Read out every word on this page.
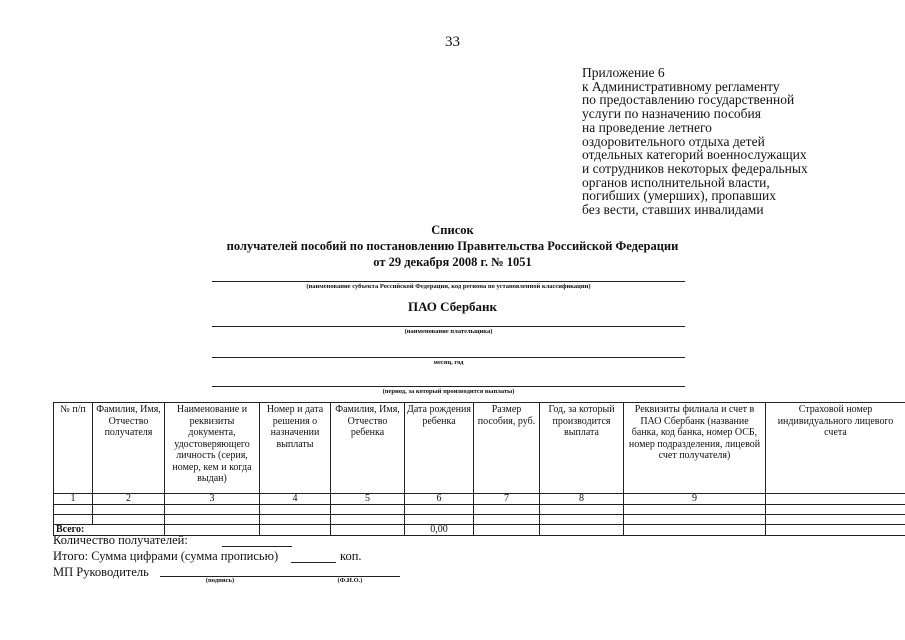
33
Приложение 6
к Административному регламенту
по предоставлению государственной
услуги по назначению пособия
на проведение летнего
оздоровительного отдыха детей
отдельных категорий военнослужащих
и сотрудников некоторых федеральных
органов исполнительной власти,
погибших (умерших), пропавших
без вести, ставших инвалидами
Список
получателей пособий по постановлению Правительства Российской Федерации
от 29 декабря 2008 г. № 1051
(наименование субъекта Российской Федерации, код региона по установленной классификации)
ПАО Сбербанк
(наименование плательщика)
месяц, год
(период, за который производится выплаты)
№ п/п	Фамилия, Имя, Отчество получателя	Наименование и реквизиты документа, удостоверяющего личность (серия, номер, кем и когда выдан)	Номер и дата решения о назначении выплаты	Фамилия, Имя, Отчество ребенка	Дата рождения ребенка	Размер пособия, руб.	Год, за который производится выплата	Реквизиты филиала и счет в ПАО Сбербанк (название банка, код банка, номер ОСБ, номер подразделения, лицевой счет получателя)	Страховой номер индивидуального лицевого счета
1	2	3	4	5	6	7	8	9	

Всего:					0,00				
Количество получателей:
Итого: Сумма цифрами (сумма прописью)	коп.
МП Руководитель
(подпись)	(Ф.И.О.)
